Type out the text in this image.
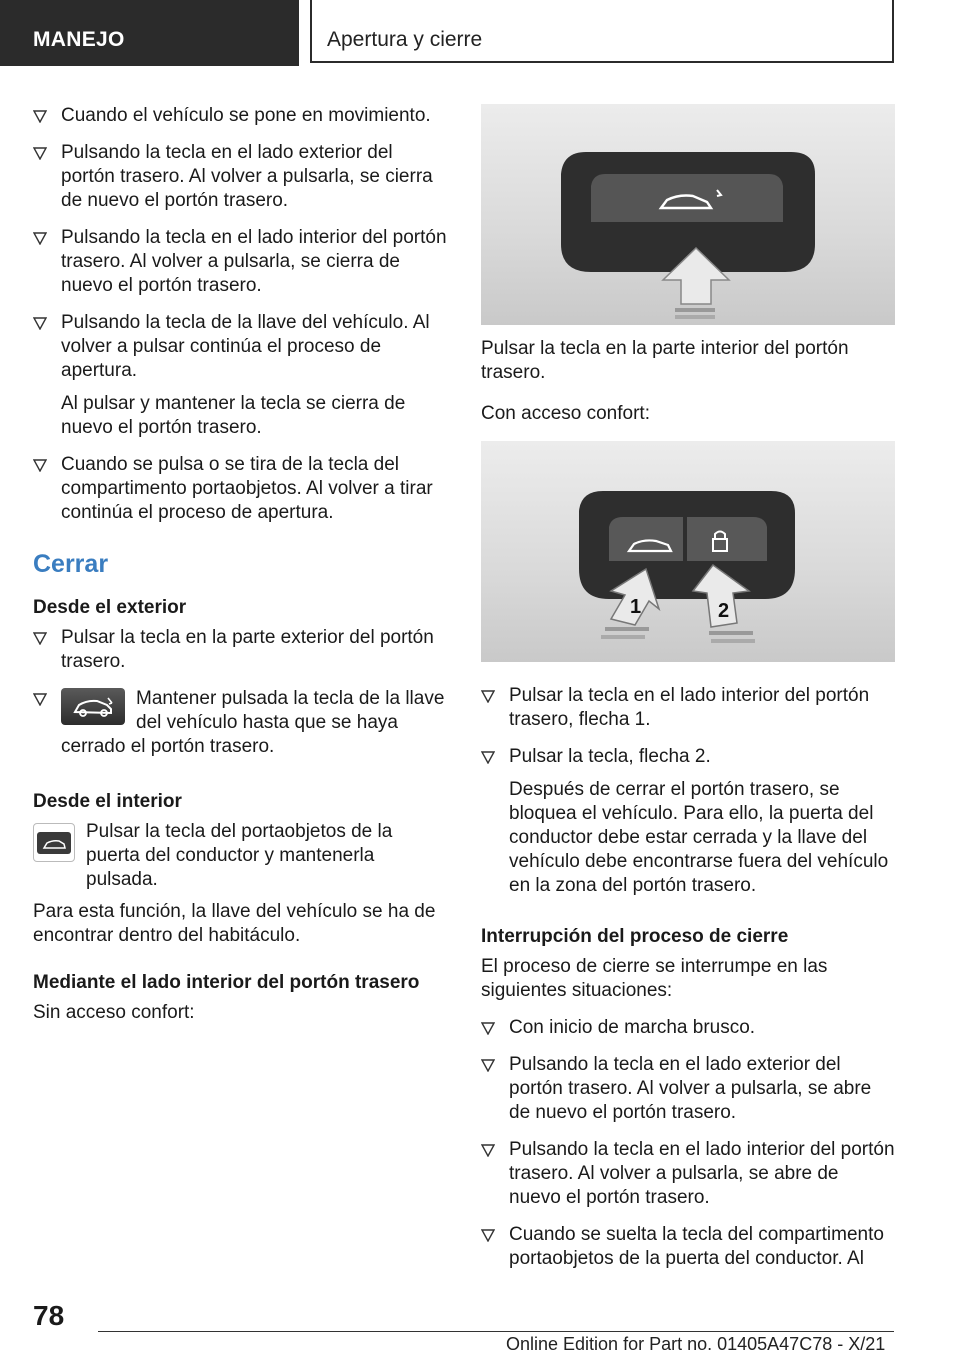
MANEJO	Apertura y cierre
Cuando el vehículo se pone en movimiento.
Pulsando la tecla en el lado exterior del portón trasero. Al volver a pulsarla, se cierra de nuevo el portón trasero.
Pulsando la tecla en el lado interior del portón trasero. Al volver a pulsarla, se cierra de nuevo el portón trasero.
Pulsando la tecla de la llave del vehículo. Al volver a pulsar continúa el proceso de apertura.
Al pulsar y mantener la tecla se cierra de nuevo el portón trasero.
Cuando se pulsa o se tira de la tecla del compartimento portaobjetos. Al volver a tirar continúa el proceso de apertura.
Cerrar
Desde el exterior
Pulsar la tecla en la parte exterior del portón trasero.
Mantener pulsada la tecla de la llave del vehículo hasta que se haya cerrado el portón trasero.
Desde el interior
Pulsar la tecla del portaobjetos de la puerta del conductor y mantenerla pulsada.

Para esta función, la llave del vehículo se ha de encontrar dentro del habitáculo.

Mediante el lado interior del portón trasero

Sin acceso confort:

Pulsar la tecla en la parte interior del portón trasero.

Con acceso confort:

1	2
Pulsar la tecla en el lado interior del portón trasero, flecha 1.
Pulsar la tecla, flecha 2.
Después de cerrar el portón trasero, se bloquea el vehículo. Para ello, la puerta del conductor debe estar cerrada y la llave del vehículo debe encontrarse fuera del vehículo en la zona del portón trasero.
Interrupción del proceso de cierre

El proceso de cierre se interrumpe en las siguientes situaciones:

Con inicio de marcha brusco.
Pulsando la tecla en el lado exterior del portón trasero. Al volver a pulsarla, se abre de nuevo el portón trasero.
Pulsando la tecla en el lado interior del portón trasero. Al volver a pulsarla, se abre de nuevo el portón trasero.
Cuando se suelta la tecla del compartimento portaobjetos de la puerta del conductor. Al
78
Online Edition for Part no. 01405A47C78 - X/21
